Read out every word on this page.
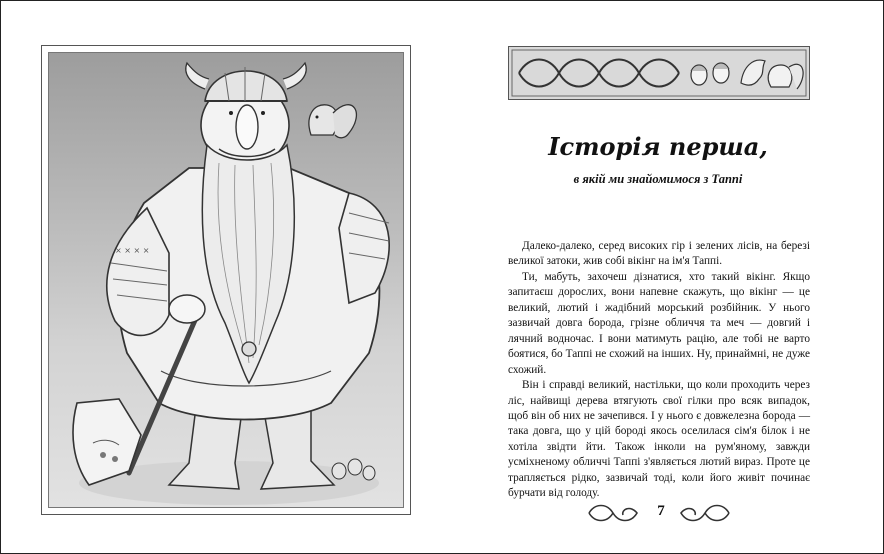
× × × ×
Історія перша,
в якій ми знайомимося з Таппі

Далеко-далеко, серед високих гір і зелених лісів, на березі великої затоки, жив собі вікінг на ім'я Таппі.

Ти, мабуть, захочеш дізнатися, хто такий вікінг. Якщо запитаєш дорослих, вони напевне скажуть, що вікінг — це великий, лютий і жадібний морський розбійник. У нього зазвичай довга борода, грізне обличчя та меч — довгий і лячний водночас. І вони матимуть рацію, але тобі не варто боятися, бо Таппі не схожий на інших. Ну, принаймні, не дуже схожий.

Він і справді великий, настільки, що коли проходить через ліс, найвищі дерева втягують свої гілки про всяк випадок, щоб він об них не зачепився. І у нього є довжелезна борода — така довга, що у цій бороді якось оселилася сім'я білок і не хотіла звідти йти. Також інколи на рум'яному, завжди усміхненому обличчі Таппі з'являється лютий вираз. Проте це трапляється рідко, зазвичай тоді, коли його живіт починає бурчати від голоду.

7
